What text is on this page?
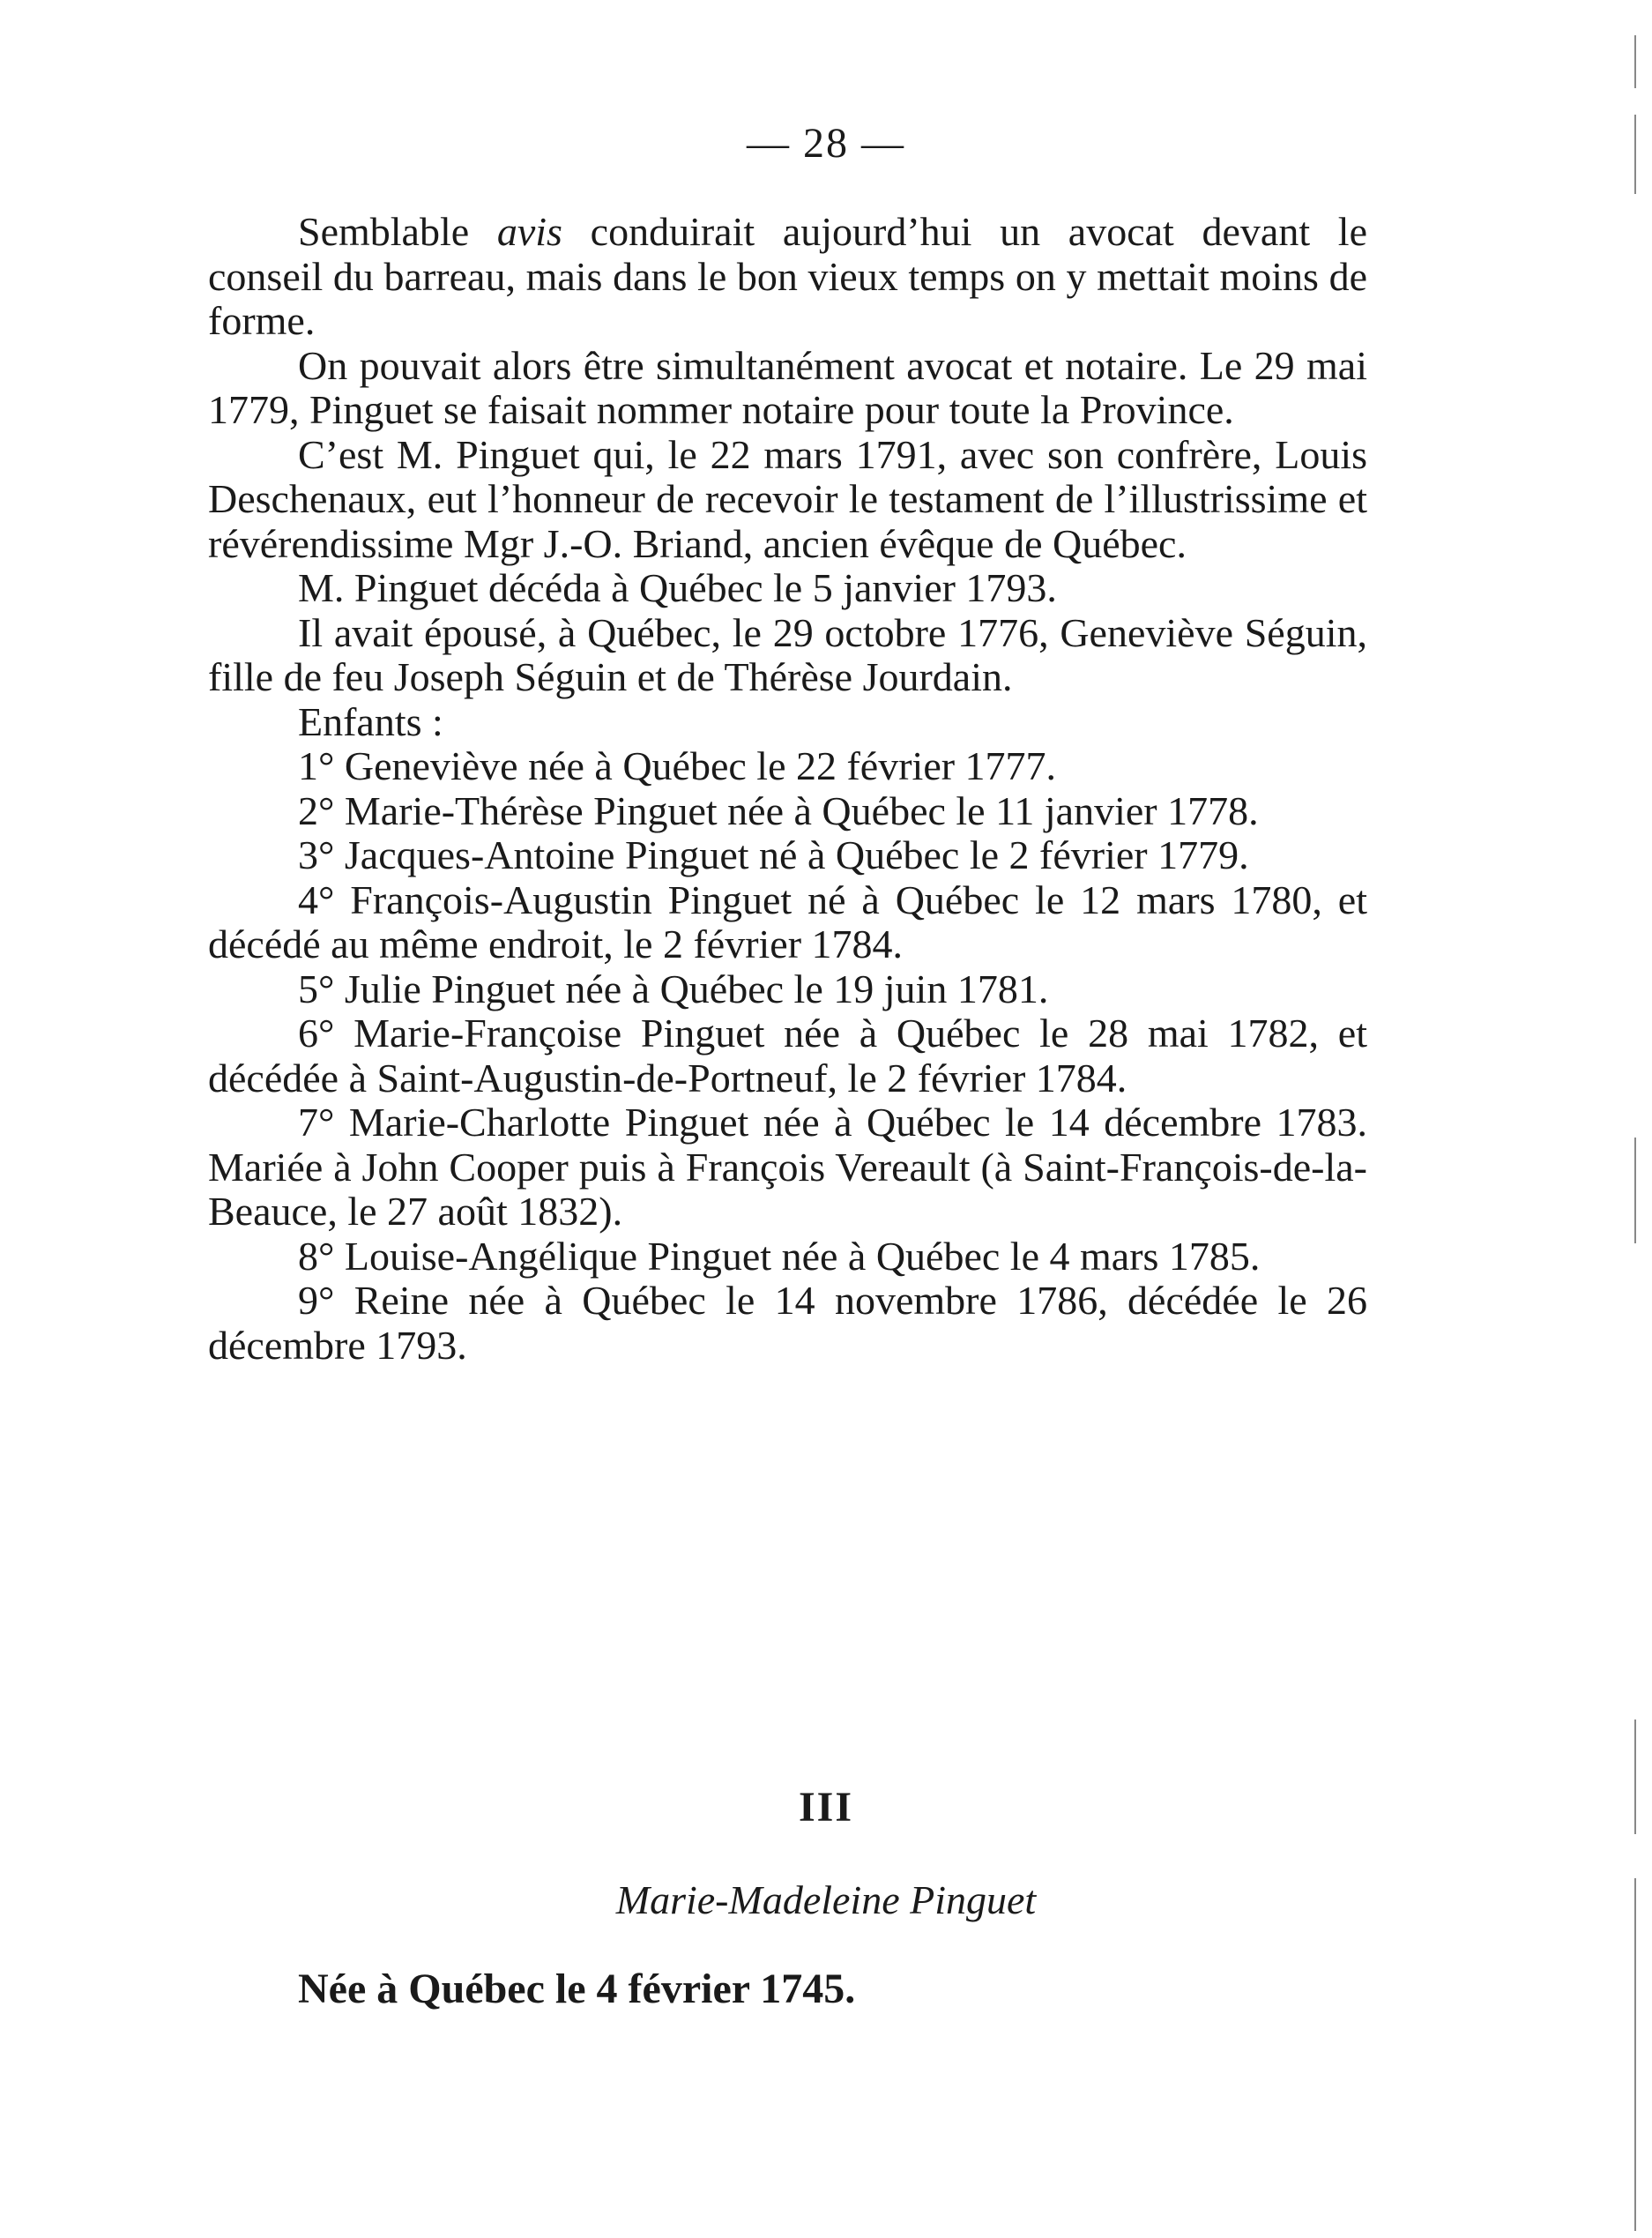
— 28 —

Semblable avis conduirait aujourd’hui un avocat devant le conseil du barreau, mais dans le bon vieux temps on y mettait moins de forme.

On pouvait alors être simultanément avocat et notaire. Le 29 mai 1779, Pinguet se faisait nommer notaire pour toute la Province.

C’est M. Pinguet qui, le 22 mars 1791, avec son confrère, Louis Deschenaux, eut l’honneur de recevoir le testament de l’illustrissime et révérendissime Mgr J.-O. Briand, ancien évêque de Québec.

M. Pinguet décéda à Québec le 5 janvier 1793.

Il avait épousé, à Québec, le 29 octobre 1776, Geneviève Séguin, fille de feu Joseph Séguin et de Thérèse Jourdain.

Enfants :

1° Geneviève née à Québec le 22 février 1777.

2° Marie-Thérèse Pinguet née à Québec le 11 janvier 1778.

3° Jacques-Antoine Pinguet né à Québec le 2 février 1779.

4° François-Augustin Pinguet né à Québec le 12 mars 1780, et décédé au même endroit, le 2 février 1784.

5° Julie Pinguet née à Québec le 19 juin 1781.

6° Marie-Françoise Pinguet née à Québec le 28 mai 1782, et décédée à Saint-Augustin-de-Portneuf, le 2 février 1784.

7° Marie-Charlotte Pinguet née à Québec le 14 décembre 1783. Mariée à John Cooper puis à François Vereault (à Saint-François-de-la-Beauce, le 27 août 1832).

8° Louise-Angélique Pinguet née à Québec le 4 mars 1785.

9° Reine née à Québec le 14 novembre 1786, décédée le 26 décembre 1793.

III
Marie-Madeleine Pinguet
Née à Québec le 4 février 1745.
